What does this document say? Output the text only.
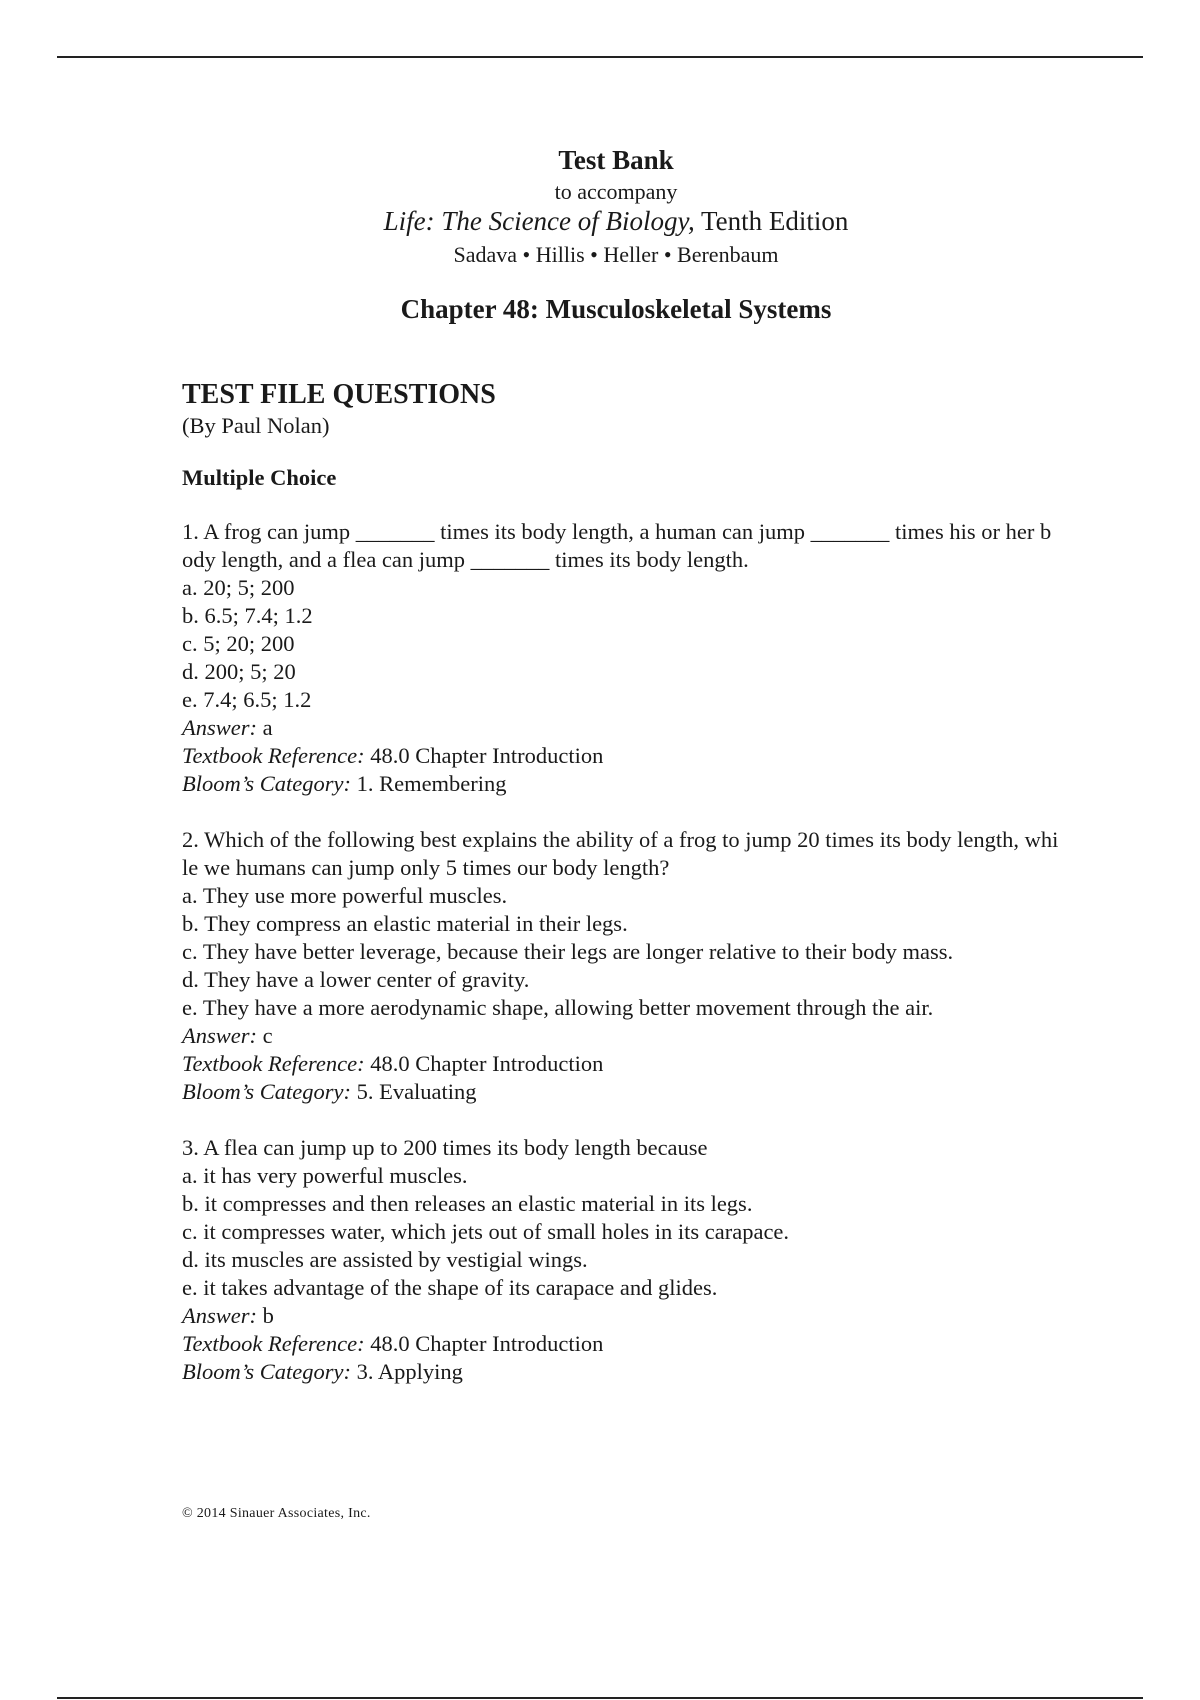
Test Bank

to accompany

Life: The Science of Biology, Tenth Edition

Sadava • Hillis • Heller • Berenbaum

Chapter 48: Musculoskeletal Systems

TEST FILE QUESTIONS

(By Paul Nolan)

Multiple Choice

1. A frog can jump _______ times its body length, a human can jump _______ times his or her body length, and a flea can jump _______ times its body length.

a. 20; 5; 200

b. 6.5; 7.4; 1.2

c. 5; 20; 200

d. 200; 5; 20

e. 7.4; 6.5; 1.2

Answer: a

Textbook Reference: 48.0 Chapter Introduction

Bloom’s Category: 1. Remembering

2. Which of the following best explains the ability of a frog to jump 20 times its body length, while we humans can jump only 5 times our body length?

a. They use more powerful muscles.

b. They compress an elastic material in their legs.

c. They have better leverage, because their legs are longer relative to their body mass.

d. They have a lower center of gravity.

e. They have a more aerodynamic shape, allowing better movement through the air.

Answer: c

Textbook Reference: 48.0 Chapter Introduction

Bloom’s Category: 5. Evaluating

3. A flea can jump up to 200 times its body length because

a. it has very powerful muscles.

b. it compresses and then releases an elastic material in its legs.

c. it compresses water, which jets out of small holes in its carapace.

d. its muscles are assisted by vestigial wings.

e. it takes advantage of the shape of its carapace and glides.

Answer: b

Textbook Reference: 48.0 Chapter Introduction

Bloom’s Category: 3. Applying

© 2014 Sinauer Associates, Inc.
